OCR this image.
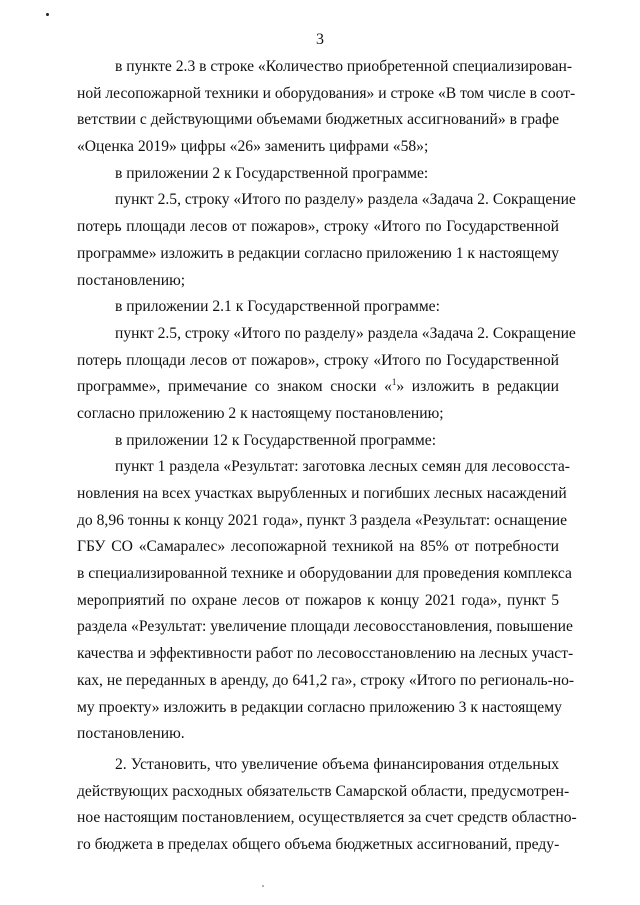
3
в пункте 2.3 в строке «Количество приобретенной специализирован-
ной лесопожарной техники и оборудования» и строке «В том числе в соот-
ветствии с действующими объемами бюджетных ассигнований» в графе
«Оценка 2019» цифры «26» заменить цифрами «58»;
в приложении 2 к Государственной программе:
пункт 2.5, строку «Итого по разделу» раздела «Задача 2. Сокращение
потерь площади лесов от пожаров», строку «Итого по Государственной
программе» изложить в редакции согласно приложению 1 к настоящему
постановлению;
в приложении 2.1 к Государственной программе:
пункт 2.5, строку «Итого по разделу» раздела «Задача 2. Сокращение
потерь площади лесов от пожаров», строку «Итого по Государственной
программе», примечание со знаком сноски «$^1$» изложить в редакции
согласно приложению 2 к настоящему постановлению;
в приложении 12 к Государственной программе:
пункт 1 раздела «Результат: заготовка лесных семян для лесовосста-
новления на всех участках вырубленных и погибших лесных насаждений
до 8,96 тонны к концу 2021 года», пункт 3 раздела «Результат: оснащение
ГБУ СО «Самаралес» лесопожарной техникой на 85% от потребности
в специализированной технике и оборудовании для проведения комплекса
мероприятий по охране лесов от пожаров к концу 2021 года», пункт 5
раздела «Результат: увеличение площади лесовосстановления, повышение
качества и эффективности работ по лесовосстановлению на лесных участ-
ках, не переданных в аренду, до 641,2 га», строку «Итого по региональ-но-
му проекту» изложить в редакции согласно приложению 3 к настоящему
постановлению.
2. Установить, что увеличение объема финансирования отдельных
действующих расходных обязательств Самарской области, предусмотрен-
ное настоящим постановлением, осуществляется за счет средств областно-
го бюджета в пределах общего объема бюджетных ассигнований, преду-
